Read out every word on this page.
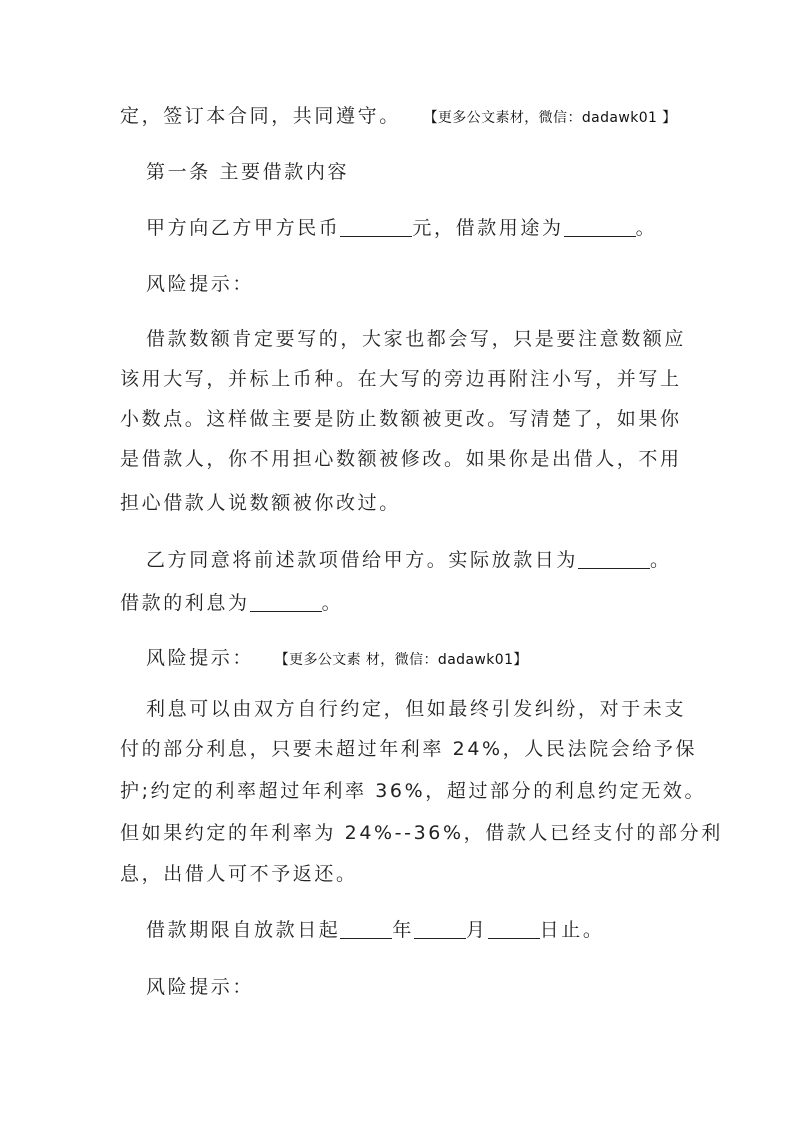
定，签订本合同，共同遵守。 【更多公文素材，微信：dadawk01 】
第一条 主要借款内容
甲方向乙方甲方民币	元，借款用途为	。
风险提示：
借款数额肯定要写的，大家也都会写，只是要注意数额应
该用大写，并标上币种。在大写的旁边再附注小写，并写上
小数点。这样做主要是防止数额被更改。写清楚了，如果你
是借款人，你不用担心数额被修改。如果你是出借人，不用
担心借款人说数额被你改过。
乙方同意将前述款项借给甲方。实际放款日为	。
借款的利息为	。
风险提示： 【更多公文素 材，微信：dadawk01】
利息可以由双方自行约定，但如最终引发纠纷，对于未支
付的部分利息，只要未超过年利率 24%，人民法院会给予保
护;约定的利率超过年利率 36%，超过部分的利息约定无效。
但如果约定的年利率为 24%--36%，借款人已经支付的部分利
息，出借人可不予返还。
借款期限自放款日起	年	月	日止。
风险提示：
